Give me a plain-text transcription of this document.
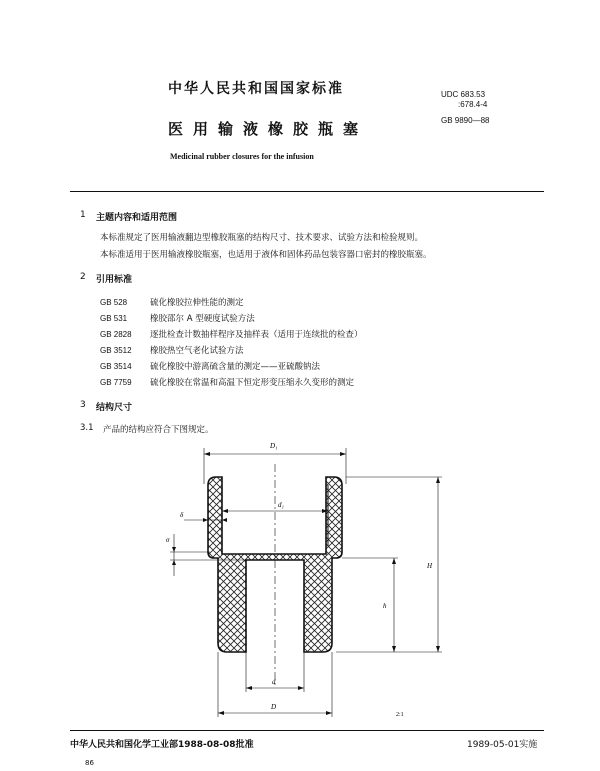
中华人民共和国国家标准
医用输液橡胶瓶塞
Medicinal rubber closures for the infusion
UDC 683.53
:678.4-4
GB 9890—88
1 主题内容和适用范围
本标准规定了医用输液翻边型橡胶瓶塞的结构尺寸、技术要求、试验方法和检验规则。
本标准适用于医用输液橡胶瓶塞，也适用于液体和固体药品包装容器口密封的橡胶瓶塞。
2 引用标准
GB 528	硫化橡胶拉伸性能的测定
GB 531	橡胶邵尔 A 型硬度试验方法
GB 2828 逐批检查计数抽样程序及抽样表（适用于连续批的检查）
GB 3512 橡胶热空气老化试验方法
GB 3514 硫化橡胶中游离硫含量的测定——亚硫酸钠法
GB 7759 硫化橡胶在常温和高温下恒定形变压缩永久变形的测定
3 结构尺寸
3.1 产品的结构应符合下图规定。
D₁
d₁
δ
σ
H
h
d
D
2:1
中华人民共和国化学工业部1988-08-08批准	1989-05-01实施
86
